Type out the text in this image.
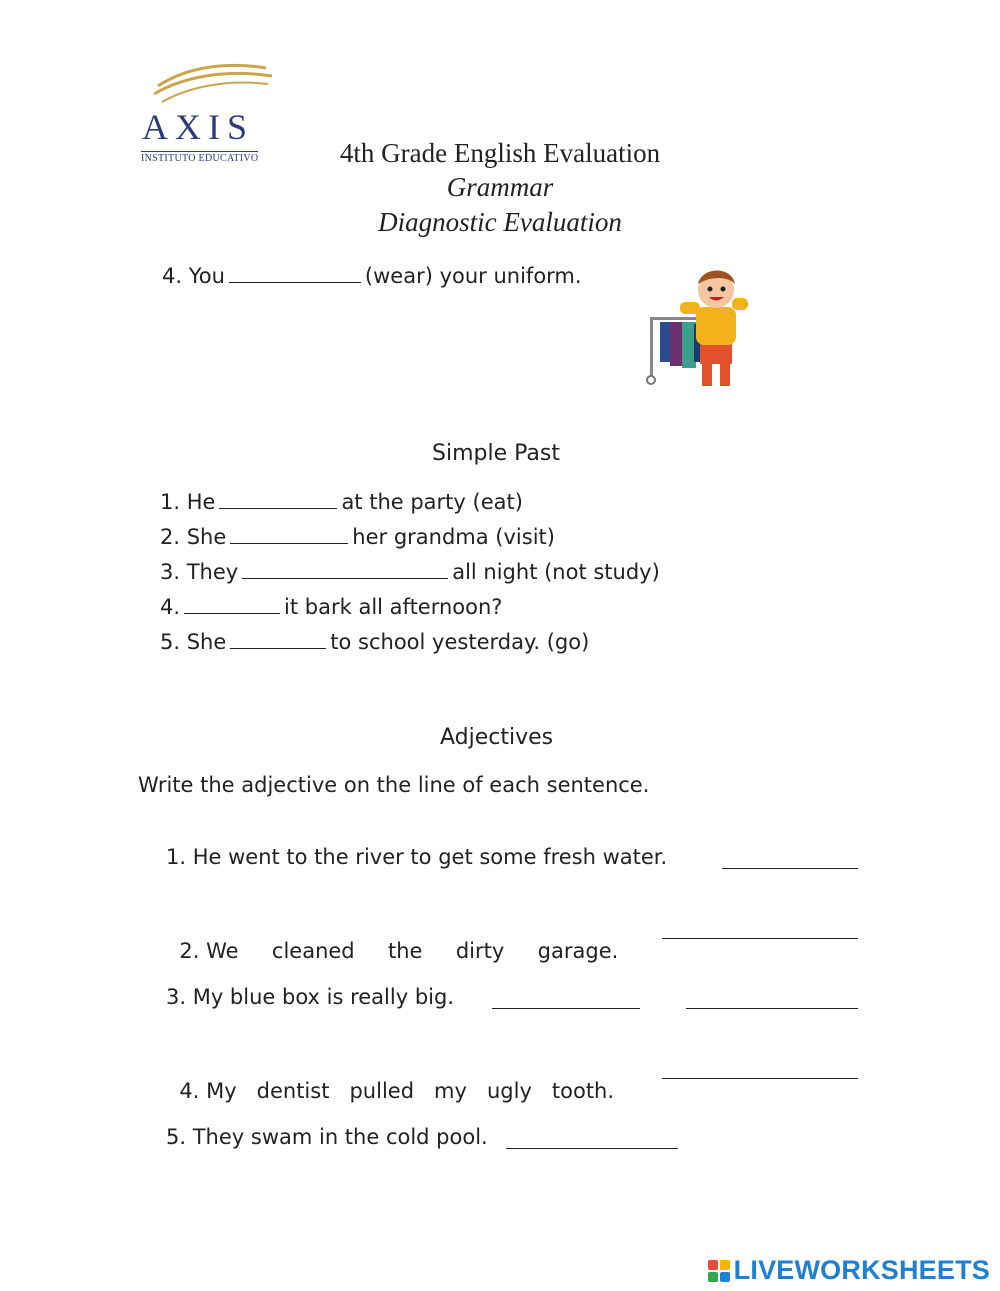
AXIS
INSTITUTO EDUCATIVO	4th Grade English Evaluation
Grammar
Diagnostic Evaluation
4. You	(wear) your uniform.
Simple Past
1. He	at the party (eat)
2. She	her grandma (visit)
3. They	all night (not study)
4.	it bark all afternoon?
5. She	to school yesterday. (go)
Adjectives
Write the adjective on the line of each sentence.
1. He went to the river to get some fresh water.

2. We     cleaned     the     dirty     garage.

3. My blue box is really big.

4. My   dentist   pulled   my   ugly   tooth.

5. They swam in the cold pool.
LIVEWORKSHEETS
